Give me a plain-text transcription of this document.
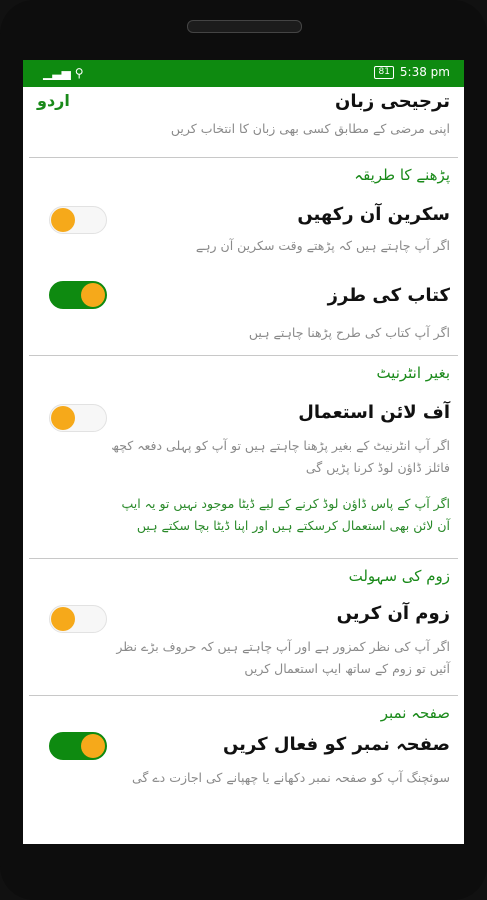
▁▃▅ ⚲	81 5:38 pm
ترجیحی زبان
اردو
اپنی مرضی کے مطابق کسی بھی زبان کا انتخاب کریں
پڑھنے کا طریقہ
سکرین آن رکھیں
اگر آپ چاہتے ہیں کہ پڑھتے وقت سکرین آن رہے
کتاب کی طرز
اگر آپ کتاب کی طرح پڑھنا چاہتے ہیں
بغیر انٹرنیٹ
آف لائن استعمال
اگر آپ انٹرنیٹ کے بغیر پڑھنا چاہتے ہیں تو آپ کو پہلی دفعہ کچھ
فائلز ڈاؤن لوڈ کرنا پڑیں گی
اگر آپ کے پاس ڈاؤن لوڈ کرنے کے لیے ڈیٹا موجود نہیں تو یہ ایپ
آن لائن بھی استعمال کرسکتے ہیں اور اپنا ڈیٹا بچا سکتے ہیں
زوم کی سہولت
زوم آن کریں
اگر آپ کی نظر کمزور ہے اور آپ چاہتے ہیں کہ حروف بڑے نظر
آئیں تو زوم کے ساتھ ایپ استعمال کریں
صفحہ نمبر
صفحہ نمبر کو فعال کریں
سوئچنگ آپ کو صفحہ نمبر دکھانے یا چھپانے کی اجازت دے گی
